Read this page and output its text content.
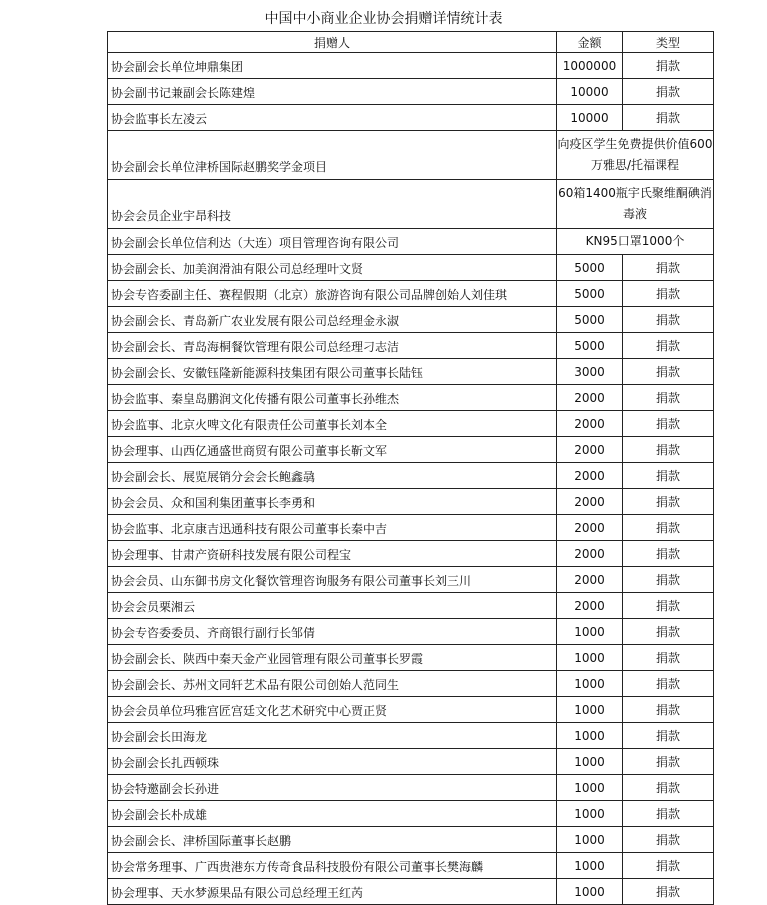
中国中小商业企业协会捐赠详情统计表
捐赠人	金额	类型
协会副会长单位坤鼎集团	1000000	捐款
协会副书记兼副会长陈建煌	10000	捐款
协会监事长左凌云	10000	捐款
协会副会长单位津桥国际赵鹏奖学金项目	向疫区学生免费提供价值600万雅思/托福课程	
协会会员企业宇昂科技	60箱1400瓶宇氏聚维酮碘消毒液	
协会副会长单位信利达（大连）项目管理咨询有限公司	KN95口罩1000个	
协会副会长、加美润滑油有限公司总经理叶文贤	5000	捐款
协会专咨委副主任、赛程假期（北京）旅游咨询有限公司品牌创始人刘佳琪	5000	捐款
协会副会长、青岛新广农业发展有限公司总经理金永淑	5000	捐款
协会副会长、青岛海桐餐饮管理有限公司总经理刁志洁	5000	捐款
协会副会长、安徽钰隆新能源科技集团有限公司董事长陆钰	3000	捐款
协会监事、秦皇岛鹏润文化传播有限公司董事长孙维杰	2000	捐款
协会监事、北京火啤文化有限责任公司董事长刘本全	2000	捐款
协会理事、山西亿通盛世商贸有限公司董事长靳文军	2000	捐款
协会副会长、展览展销分会会长鲍鑫骉	2000	捐款
协会会员、众和国利集团董事长李勇和	2000	捐款
协会监事、北京康吉迅通科技有限公司董事长秦中吉	2000	捐款
协会理事、甘肃产资研科技发展有限公司程宝	2000	捐款
协会会员、山东御书房文化餐饮管理咨询服务有限公司董事长刘三川	2000	捐款
协会会员栗湘云	2000	捐款
协会专咨委委员、齐商银行副行长邹倩	1000	捐款
协会副会长、陕西中秦天金产业园管理有限公司董事长罗霞	1000	捐款
协会副会长、苏州文同轩艺术品有限公司创始人范同生	1000	捐款
协会会员单位玛雅宫匠宫廷文化艺术研究中心贾正贤	1000	捐款
协会副会长田海龙	1000	捐款
协会副会长扎西顿珠	1000	捐款
协会特邀副会长孙进	1000	捐款
协会副会长朴成雄	1000	捐款
协会副会长、津桥国际董事长赵鹏	1000	捐款
协会常务理事、广西贵港东方传奇食品科技股份有限公司董事长樊海麟	1000	捐款
协会理事、天水梦源果品有限公司总经理王红芮	1000	捐款
